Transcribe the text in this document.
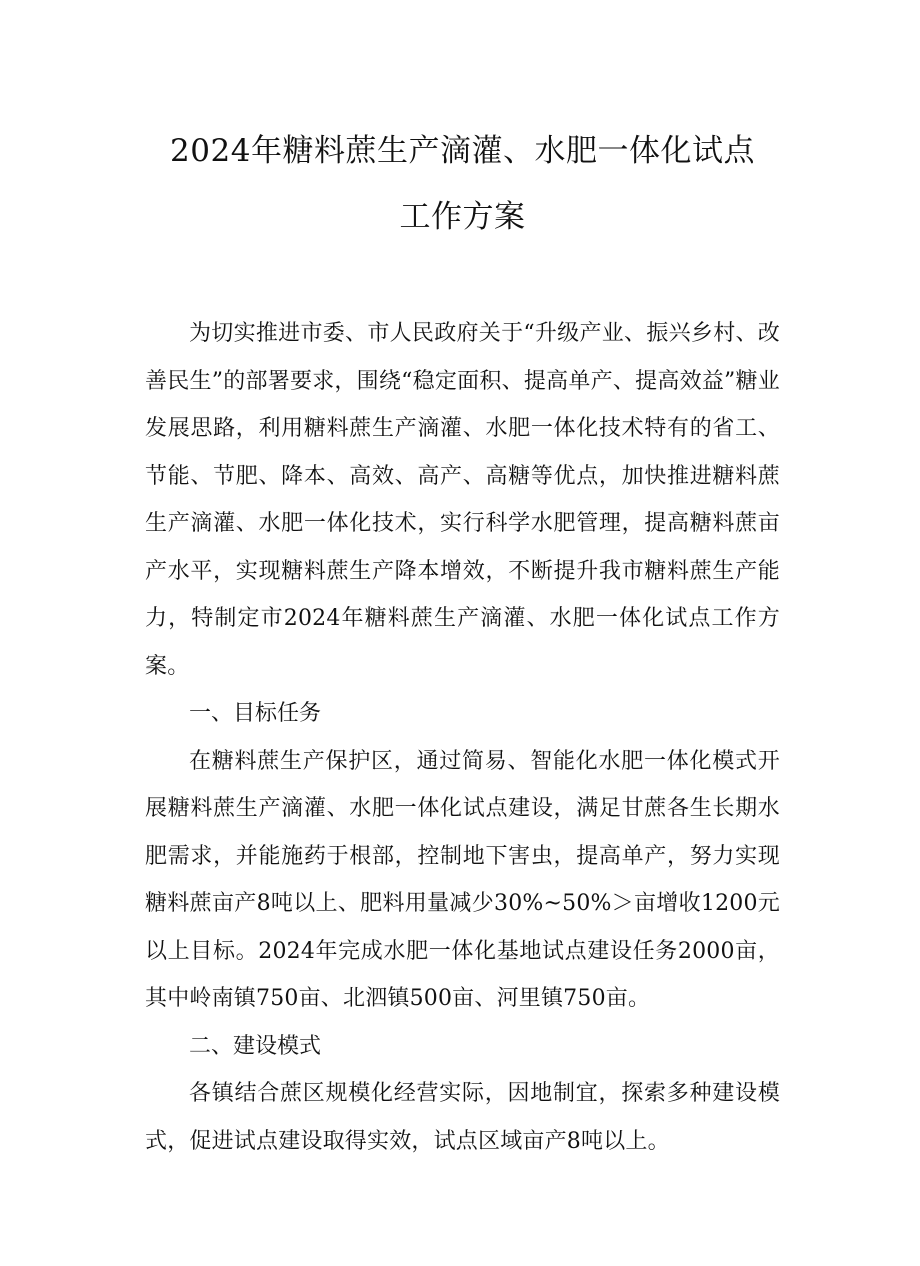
2024年糖料蔗生产滴灌、水肥一体化试点
工作方案

为切实推进市委、市人民政府关于“升级产业、振兴乡村、改善民生”的部署要求，围绕“稳定面积、提高单产、提高效益”糖业发展思路，利用糖料蔗生产滴灌、水肥一体化技术特有的省工、节能、节肥、降本、高效、高产、高糖等优点，加快推进糖料蔗生产滴灌、水肥一体化技术，实行科学水肥管理，提高糖料蔗亩产水平，实现糖料蔗生产降本增效，不断提升我市糖料蔗生产能力，特制定市2024年糖料蔗生产滴灌、水肥一体化试点工作方案。

一、目标任务

在糖料蔗生产保护区，通过简易、智能化水肥一体化模式开展糖料蔗生产滴灌、水肥一体化试点建设，满足甘蔗各生长期水肥需求，并能施药于根部，控制地下害虫，提高单产，努力实现糖料蔗亩产8吨以上、肥料用量减少30%~50%＞亩增收1200元以上目标。2024年完成水肥一体化基地试点建设任务2000亩，其中岭南镇750亩、北泗镇500亩、河里镇750亩。

二、建设模式

各镇结合蔗区规模化经营实际，因地制宜，探索多种建设模式，促进试点建设取得实效，试点区域亩产8吨以上。
